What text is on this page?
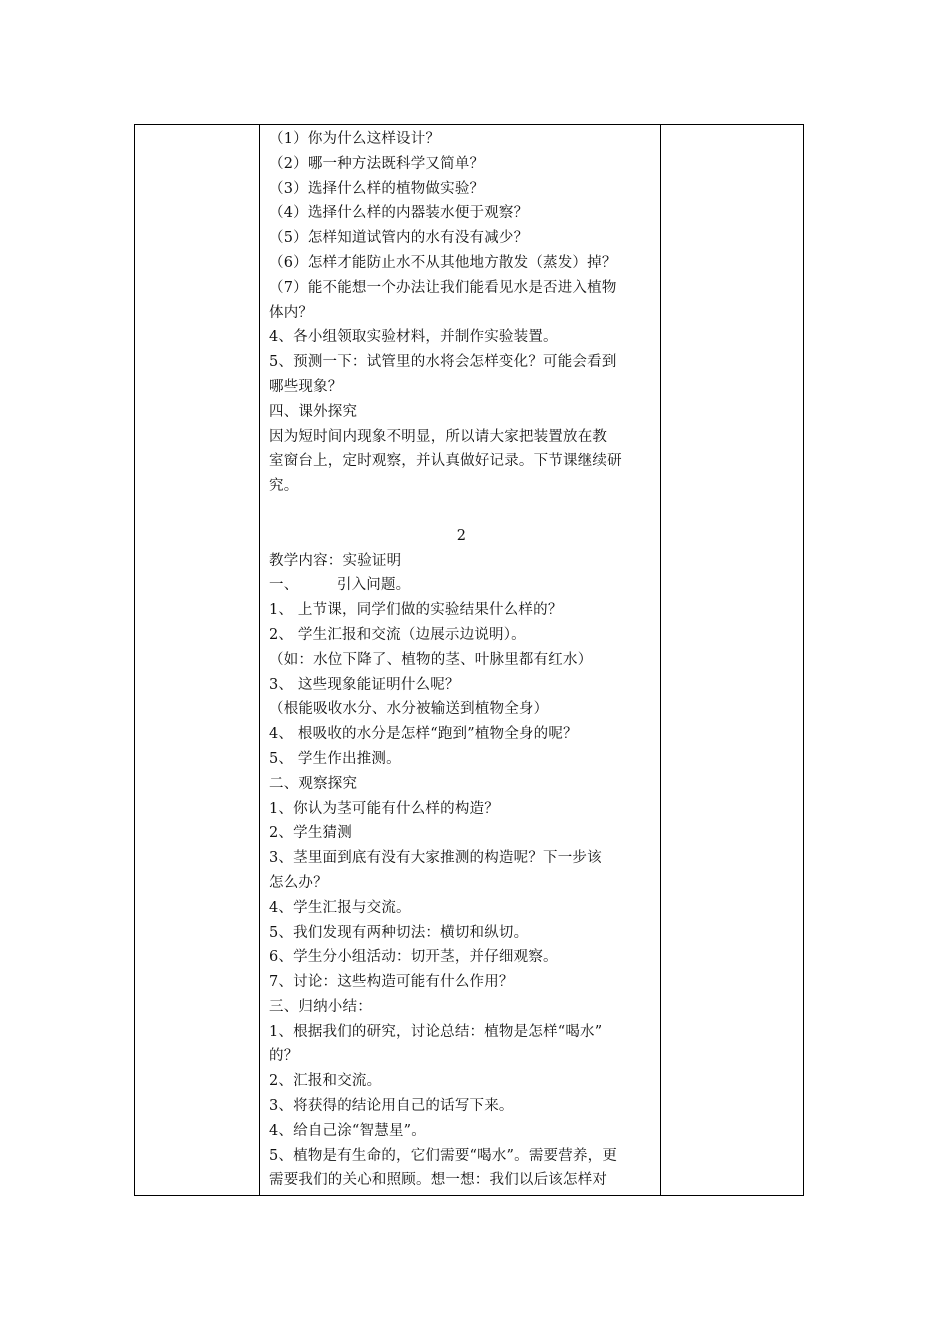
（1）你为什么这样设计？
（2）哪一种方法既科学又简单？
（3）选择什么样的植物做实验？
（4）选择什么样的内器装水便于观察？
（5）怎样知道试管内的水有没有减少？
（6）怎样才能防止水不从其他地方散发（蒸发）掉？
（7）能不能想一个办法让我们能看见水是否进入植物
体内？
4、各小组领取实验材料，并制作实验装置。
5、预测一下：试管里的水将会怎样变化？可能会看到
哪些现象？
四、课外探究
因为短时间内现象不明显，所以请大家把装置放在教
室窗台上，定时观察，并认真做好记录。下节课继续研
究。
2
教学内容：实验证明
一、        引入问题。
1、 上节课，同学们做的实验结果什么样的？
2、 学生汇报和交流（边展示边说明）。
（如：水位下降了、植物的茎、叶脉里都有红水）
3、 这些现象能证明什么呢？
（根能吸收水分、水分被输送到植物全身）
4、 根吸收的水分是怎样“跑到”植物全身的呢？
5、 学生作出推测。
二、观察探究
1、你认为茎可能有什么样的构造？
2、学生猜测
3、茎里面到底有没有大家推测的构造呢？下一步该
怎么办？
4、学生汇报与交流。
5、我们发现有两种切法：横切和纵切。
6、学生分小组活动：切开茎，并仔细观察。
7、讨论：这些构造可能有什么作用？
三、归纳小结：
1、根据我们的研究，讨论总结：植物是怎样“喝水”
的？
2、汇报和交流。
3、将获得的结论用自己的话写下来。
4、给自己涂“智慧星”。
5、植物是有生命的，它们需要“喝水”。需要营养，更
需要我们的关心和照顾。想一想：我们以后该怎样对
